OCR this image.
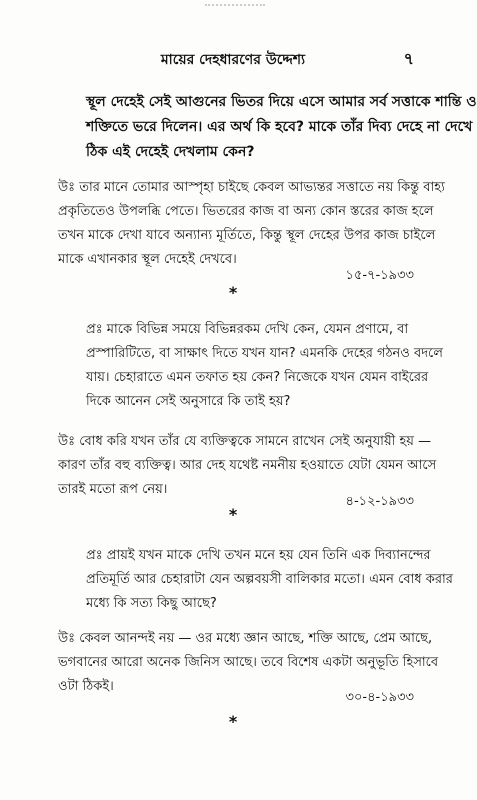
মায়ের দেহধারণের উদ্দেশ্য	৭
স্থূল দেহেই সেই আগুনের ভিতর দিয়ে এসে আমার সর্ব সত্তাকে শান্তি ও
শক্তিতে ভরে দিলেন। এর অর্থ কি হবে? মাকে তাঁর দিব্য দেহে না দেখে
ঠিক এই দেহেই দেখলাম কেন?
উঃ তার মানে তোমার আস্পৃহা চাইছে কেবল আভ্যন্তর সত্তাতে নয় কিন্তু বাহ্য
প্রকৃতিতেও উপলব্ধি পেতে। ভিতরের কাজ বা অন্য কোন স্তরের কাজ হলে
তখন মাকে দেখা যাবে অন্যান্য মূর্তিতে, কিন্তু স্থূল দেহের উপর কাজ চাইলে
মাকে এখানকার স্থূল দেহেই দেখবে।
১৫-৭-১৯৩৩
*
প্রঃ মাকে বিভিন্ন সময়ে বিভিন্নরকম দেখি কেন, যেমন প্রণামে, বা
প্রস্পারিটিতে, বা সাক্ষাৎ দিতে যখন যান? এমনকি দেহের গঠনও বদলে
যায়। চেহারাতে এমন তফাত হয় কেন? নিজেকে যখন যেমন বাইরের
দিকে আনেন সেই অনুসারে কি তাই হয়?
উঃ বোধ করি যখন তাঁর যে ব্যক্তিত্বকে সামনে রাখেন সেই অনুযায়ী হয় —
কারণ তাঁর বহু ব্যক্তিত্ব। আর দেহ যথেষ্ট নমনীয় হওয়াতে যেটা যেমন আসে
তারই মতো রূপ নেয়।
৪-১২-১৯৩৩
*
প্রঃ প্রায়ই যখন মাকে দেখি তখন মনে হয় যেন তিনি এক দিব্যানন্দের
প্রতিমূর্তি আর চেহারাটা যেন অল্পবয়সী বালিকার মতো। এমন বোধ করার
মধ্যে কি সত্য কিছু আছে?
উঃ কেবল আনন্দই নয় — ওর মধ্যে জ্ঞান আছে, শক্তি আছে, প্রেম আছে,
ভগবানের আরো অনেক জিনিস আছে। তবে বিশেষ একটা অনুভূতি হিসাবে
ওটা ঠিকই।
৩০-৪-১৯৩৩
*
